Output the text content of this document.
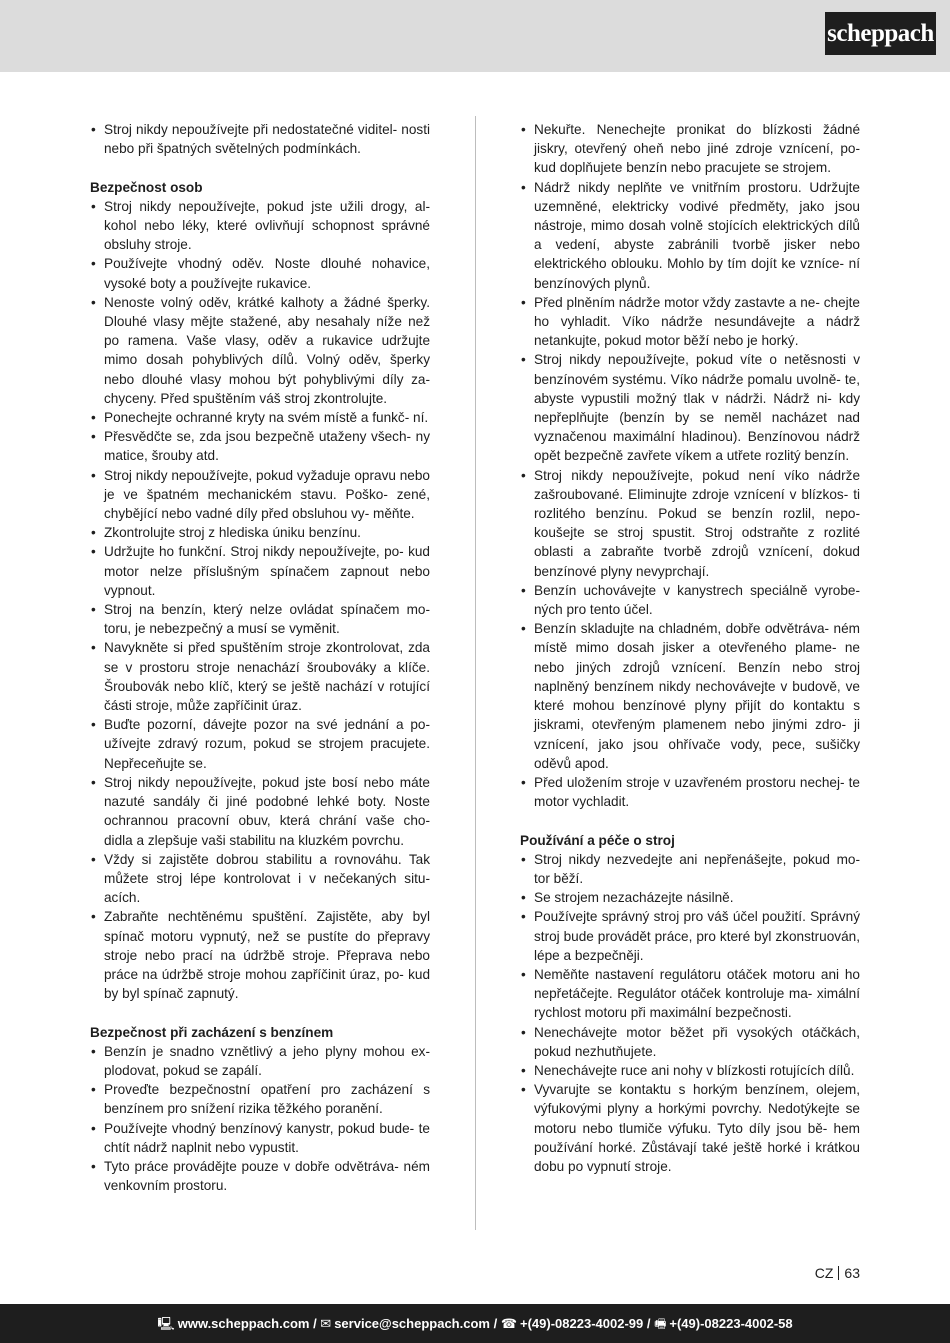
scheppach
• Stroj nikdy nepoužívejte při nedostatečné viditel- nosti nebo při špatných světelných podmínkách.
Bezpečnost osob
• Stroj nikdy nepoužívejte, pokud jste užili drogy, al- kohol nebo léky, které ovlivňují schopnost správné obsluhy stroje.
• Používejte vhodný oděv. Noste dlouhé nohavice, vysoké boty a používejte rukavice.
• Nenoste volný oděv, krátké kalhoty a žádné šperky. Dlouhé vlasy mějte stažené, aby nesahaly níže než po ramena. Vaše vlasy, oděv a rukavice udržujte mimo dosah pohyblivých dílů. Volný oděv, šperky nebo dlouhé vlasy mohou být pohyblivými díly za- chyceny. Před spuštěním váš stroj zkontrolujte.
• Ponechejte ochranné kryty na svém místě a funkč- ní.
• Přesvědčte se, zda jsou bezpečně utaženy všech- ny matice, šrouby atd.
• Stroj nikdy nepoužívejte, pokud vyžaduje opravu nebo je ve špatném mechanickém stavu. Poško- zené, chybějící nebo vadné díly před obsluhou vy- měňte.
• Zkontrolujte stroj z hlediska úniku benzínu.
• Udržujte ho funkční. Stroj nikdy nepoužívejte, po- kud motor nelze příslušným spínačem zapnout nebo vypnout.
• Stroj na benzín, který nelze ovládat spínačem mo- toru, je nebezpečný a musí se vyměnit.
• Navykněte si před spuštěním stroje zkontrolovat, zda se v prostoru stroje nenachází šroubováky a klíče. Šroubovák nebo klíč, který se ještě nachází v rotující části stroje, může zapříčinit úraz.
• Buďte pozorní, dávejte pozor na své jednání a po- užívejte zdravý rozum, pokud se strojem pracujete. Nepřeceňujte se.
• Stroj nikdy nepoužívejte, pokud jste bosí nebo máte nazuté sandály či jiné podobné lehké boty. Noste ochrannou pracovní obuv, která chrání vaše cho- didla a zlepšuje vaši stabilitu na kluzkém povrchu.
• Vždy si zajistěte dobrou stabilitu a rovnováhu. Tak můžete stroj lépe kontrolovat i v nečekaných situ- acích.
• Zabraňte nechtěnému spuštění. Zajistěte, aby byl spínač motoru vypnutý, než se pustíte do přepravy stroje nebo prací na údržbě stroje. Přeprava nebo práce na údržbě stroje mohou zapříčinit úraz, po- kud by byl spínač zapnutý.
Bezpečnost při zacházení s benzínem
• Benzín je snadno vznětlivý a jeho plyny mohou ex- plodovat, pokud se zapálí.
• Proveďte bezpečnostní opatření pro zacházení s benzínem pro snížení rizika těžkého poranění.
• Používejte vhodný benzínový kanystr, pokud bude- te chtít nádrž naplnit nebo vypustit.
• Tyto práce provádějte pouze v dobře odvětráva- ném venkovním prostoru.
• Nekuřte. Nenechejte pronikat do blízkosti žádné jiskry, otevřený oheň nebo jiné zdroje vznícení, po- kud doplňujete benzín nebo pracujete se strojem.
• Nádrž nikdy neplňte ve vnitřním prostoru. Udržujte uzemněné, elektricky vodivé předměty, jako jsou nástroje, mimo dosah volně stojících elektrických dílů a vedení, abyste zabránili tvorbě jisker nebo elektrického oblouku. Mohlo by tím dojít ke vzníce- ní benzínových plynů.
• Před plněním nádrže motor vždy zastavte a ne- chejte ho vyhladit. Víko nádrže nesundávejte a nádrž netankujte, pokud motor běží nebo je horký.
• Stroj nikdy nepoužívejte, pokud víte o netěsnosti v benzínovém systému. Víko nádrže pomalu uvolně- te, abyste vypustili možný tlak v nádrži. Nádrž ni- kdy nepřeplňujte (benzín by se neměl nacházet nad vyznačenou maximální hladinou). Benzínovou nádrž opět bezpečně zavřete víkem a utřete rozlitý benzín.
• Stroj nikdy nepoužívejte, pokud není víko nádrže zašroubované. Eliminujte zdroje vznícení v blízkos- ti rozlitého benzínu. Pokud se benzín rozlil, nepo- koušejte se stroj spustit. Stroj odstraňte z rozlité oblasti a zabraňte tvorbě zdrojů vznícení, dokud benzínové plyny nevyprchají.
• Benzín uchovávejte v kanystrech speciálně vyrobe- ných pro tento účel.
• Benzín skladujte na chladném, dobře odvětráva- ném místě mimo dosah jisker a otevřeného plame- ne nebo jiných zdrojů vznícení. Benzín nebo stroj naplněný benzínem nikdy nechovávejte v budově, ve které mohou benzínové plyny přijít do kontaktu s jiskrami, otevřeným plamenem nebo jinými zdro- ji vznícení, jako jsou ohřívače vody, pece, sušičky oděvů apod.
• Před uložením stroje v uzavřeném prostoru nechej- te motor vychladit.
Používání a péče o stroj
• Stroj nikdy nezvedejte ani nepřenášejte, pokud mo- tor běží.
• Se strojem nezacházejte násilně.
• Používejte správný stroj pro váš účel použití. Správný stroj bude provádět práce, pro které byl zkonstruován, lépe a bezpečněji.
• Neměňte nastavení regulátoru otáček motoru ani ho nepřetáčejte. Regulátor otáček kontroluje ma- ximální rychlost motoru při maximální bezpečnosti.
• Nenechávejte motor běžet při vysokých otáčkách, pokud nezhutňujete.
• Nenechávejte ruce ani nohy v blízkosti rotujících dílů.
• Vyvarujte se kontaktu s horkým benzínem, olejem, výfukovými plyny a horkými povrchy. Nedotýkejte se motoru nebo tlumiče výfuku. Tyto díly jsou bě- hem používání horké. Zůstávají také ještě horké i krátkou dobu po vypnutí stroje.
CZ 63
🖳 www.scheppach.com / ✉ service@scheppach.com / ☎ +(49)-08223-4002-99 / 🖷 +(49)-08223-4002-58
